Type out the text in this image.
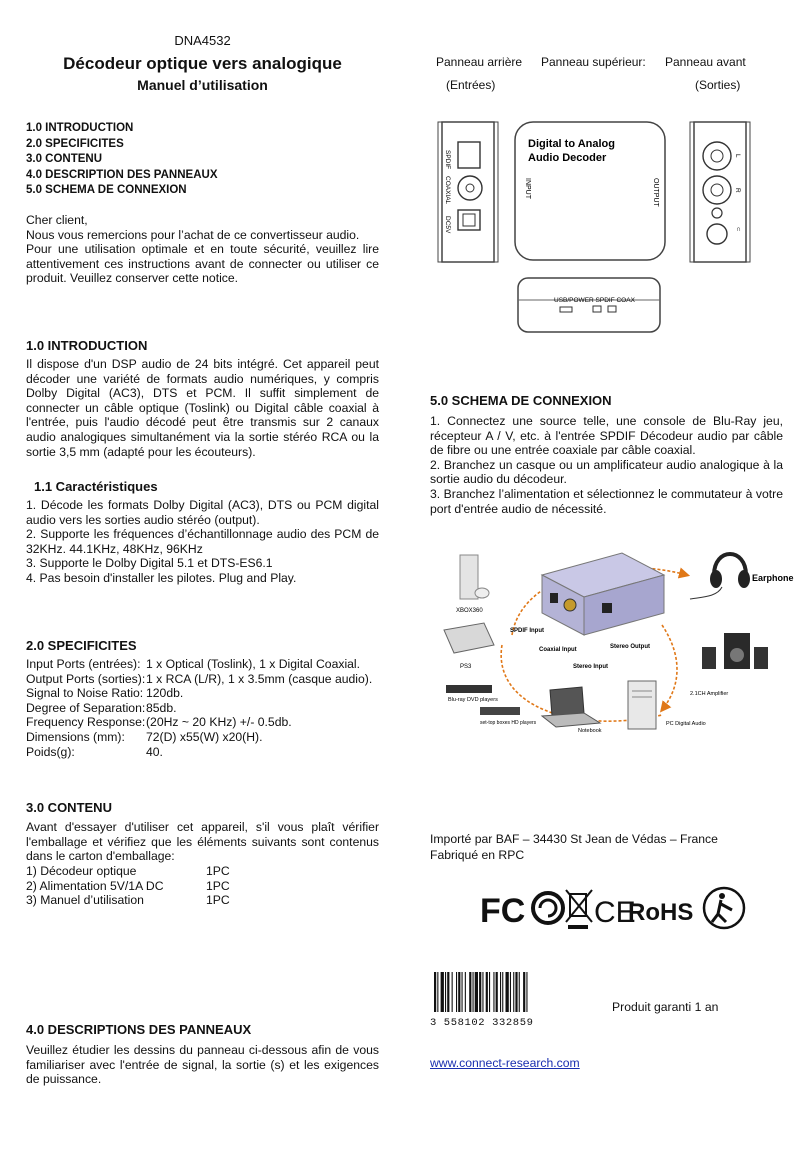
DNA4532
Décodeur optique vers analogique
Manuel d’utilisation
1.0 INTRODUCTION
2.0 SPECIFICITES
3.0 CONTENU
4.0 DESCRIPTION DES PANNEAUX
5.0 SCHEMA DE CONNEXION

Cher client,

Nous vous remercions pour l’achat de ce convertisseur audio.

Pour une utilisation optimale et en toute sécurité, veuillez lire attentivement ces instructions avant de connecter ou utiliser ce produit. Veuillez conserver cette notice.

1.0 INTRODUCTION

Il dispose d'un DSP audio de 24 bits intégré. Cet appareil peut décoder une variété de formats audio numériques, y compris Dolby Digital (AC3), DTS et PCM. Il suffit simplement de connecter un câble optique (Toslink) ou Digital câble coaxial à l'entrée, puis l'audio décodé peut être transmis sur 2 canaux audio analogiques simultanément via la sortie stéréo RCA ou la sortie 3,5 mm (adapté pour les écouteurs).

1.1 Caractéristiques

1. Décode les formats Dolby Digital (AC3), DTS ou PCM digital audio vers les sorties audio stéréo (output).

2. Supporte les fréquences d’échantillonnage audio des PCM de 32KHz. 44.1KHz, 48KHz, 96KHz

3. Supporte le Dolby Digital 5.1 et DTS-ES6.1

4. Pas besoin d'installer les pilotes. Plug and Play.

2.0 SPECIFICITES
Input Ports (entrées): 1 x Optical (Toslink), 1 x Digital Coaxial.
Output Ports (sorties): 1 x RCA (L/R), 1 x 3.5mm (casque audio).
Signal to Noise Ratio: 120db.
Degree of Separation: 85db.
Frequency Response: (20Hz ~ 20 KHz) +/- 0.5db.
Dimensions (mm):	72(D) x55(W) x20(H).
Poids(g):	40.
3.0 CONTENU

Avant d'essayer d'utiliser cet appareil, s'il vous plaît vérifier l'emballage et vérifiez que les éléments suivants sont contenus dans le carton d'emballage:

1) Décodeur optique	1PC
2) Alimentation 5V/1A DC	1PC
3) Manuel d’utilisation	1PC
4.0 DESCRIPTIONS DES PANNEAUX

Veuillez étudier les dessins du panneau ci-dessous afin de vous familiariser avec l'entrée de signal, la sortie (s) et les exigences de puissance.

Panneau arrière
(Entrées)
Panneau supérieur: Panneau avant
(Sorties)
SPDIF
COAXIAL
DC5V
Digital to Analog
Audio Decoder
INPUT	OUTPUT
L
R
∩
USB/POWER SPDIF COAX
5.0 SCHEMA DE CONNEXION

1. Connectez une source telle, une console de Blu-Ray jeu, récepteur A / V, etc. à l'entrée SPDIF Décodeur audio par câble de fibre ou une entrée coaxiale par câble coaxial.

2. Branchez un casque ou un amplificateur audio analogique à la sortie audio du décodeur.

3. Branchez l’alimentation et sélectionnez le commutateur à votre port d'entrée audio de nécessité.

XBOX360
PS3
Blu-ray DVD players
set-top boxes HD players
Notebook
PC Digital Audio
Earphone
2.1CH Amplifier
SPDIF Input
Coaxial Input	Stereo Output
Stereo Input

Importé par BAF – 34430 St Jean de Védas – France

Fabriqué en RPC

FC CE
RoHS
3 558102 332859

Produit garanti 1 an

www.connect-research.com
